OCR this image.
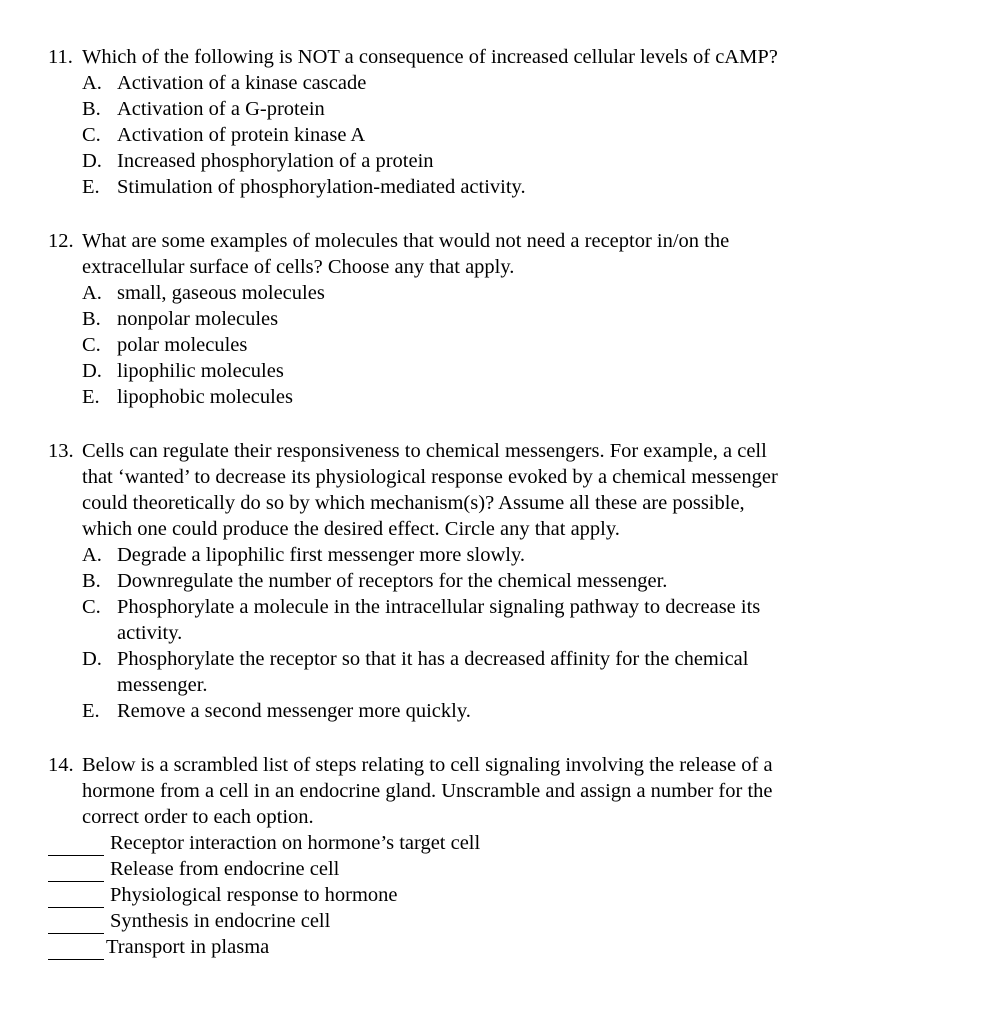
11. Which of the following is NOT a consequence of increased cellular levels of cAMP?
A. Activation of a kinase cascade
B. Activation of a G-protein
C. Activation of protein kinase A
D. Increased phosphorylation of a protein
E. Stimulation of phosphorylation-mediated activity.
12. What are some examples of molecules that would not need a receptor in/on the
extracellular surface of cells? Choose any that apply.
A. small, gaseous molecules
B. nonpolar molecules
C. polar molecules
D. lipophilic molecules
E. lipophobic molecules
13. Cells can regulate their responsiveness to chemical messengers. For example, a cell
that ‘wanted’ to decrease its physiological response evoked by a chemical messenger
could theoretically do so by which mechanism(s)? Assume all these are possible,
which one could produce the desired effect. Circle any that apply.
A. Degrade a lipophilic first messenger more slowly.
B. Downregulate the number of receptors for the chemical messenger.
C. Phosphorylate a molecule in the intracellular signaling pathway to decrease its
activity.
D. Phosphorylate the receptor so that it has a decreased affinity for the chemical
messenger.
E. Remove a second messenger more quickly.
14. Below is a scrambled list of steps relating to cell signaling involving the release of a
hormone from a cell in an endocrine gland. Unscramble and assign a number for the
correct order to each option.
Receptor interaction on hormone’s target cell
Release from endocrine cell
Physiological response to hormone
Synthesis in endocrine cell
Transport in plasma
